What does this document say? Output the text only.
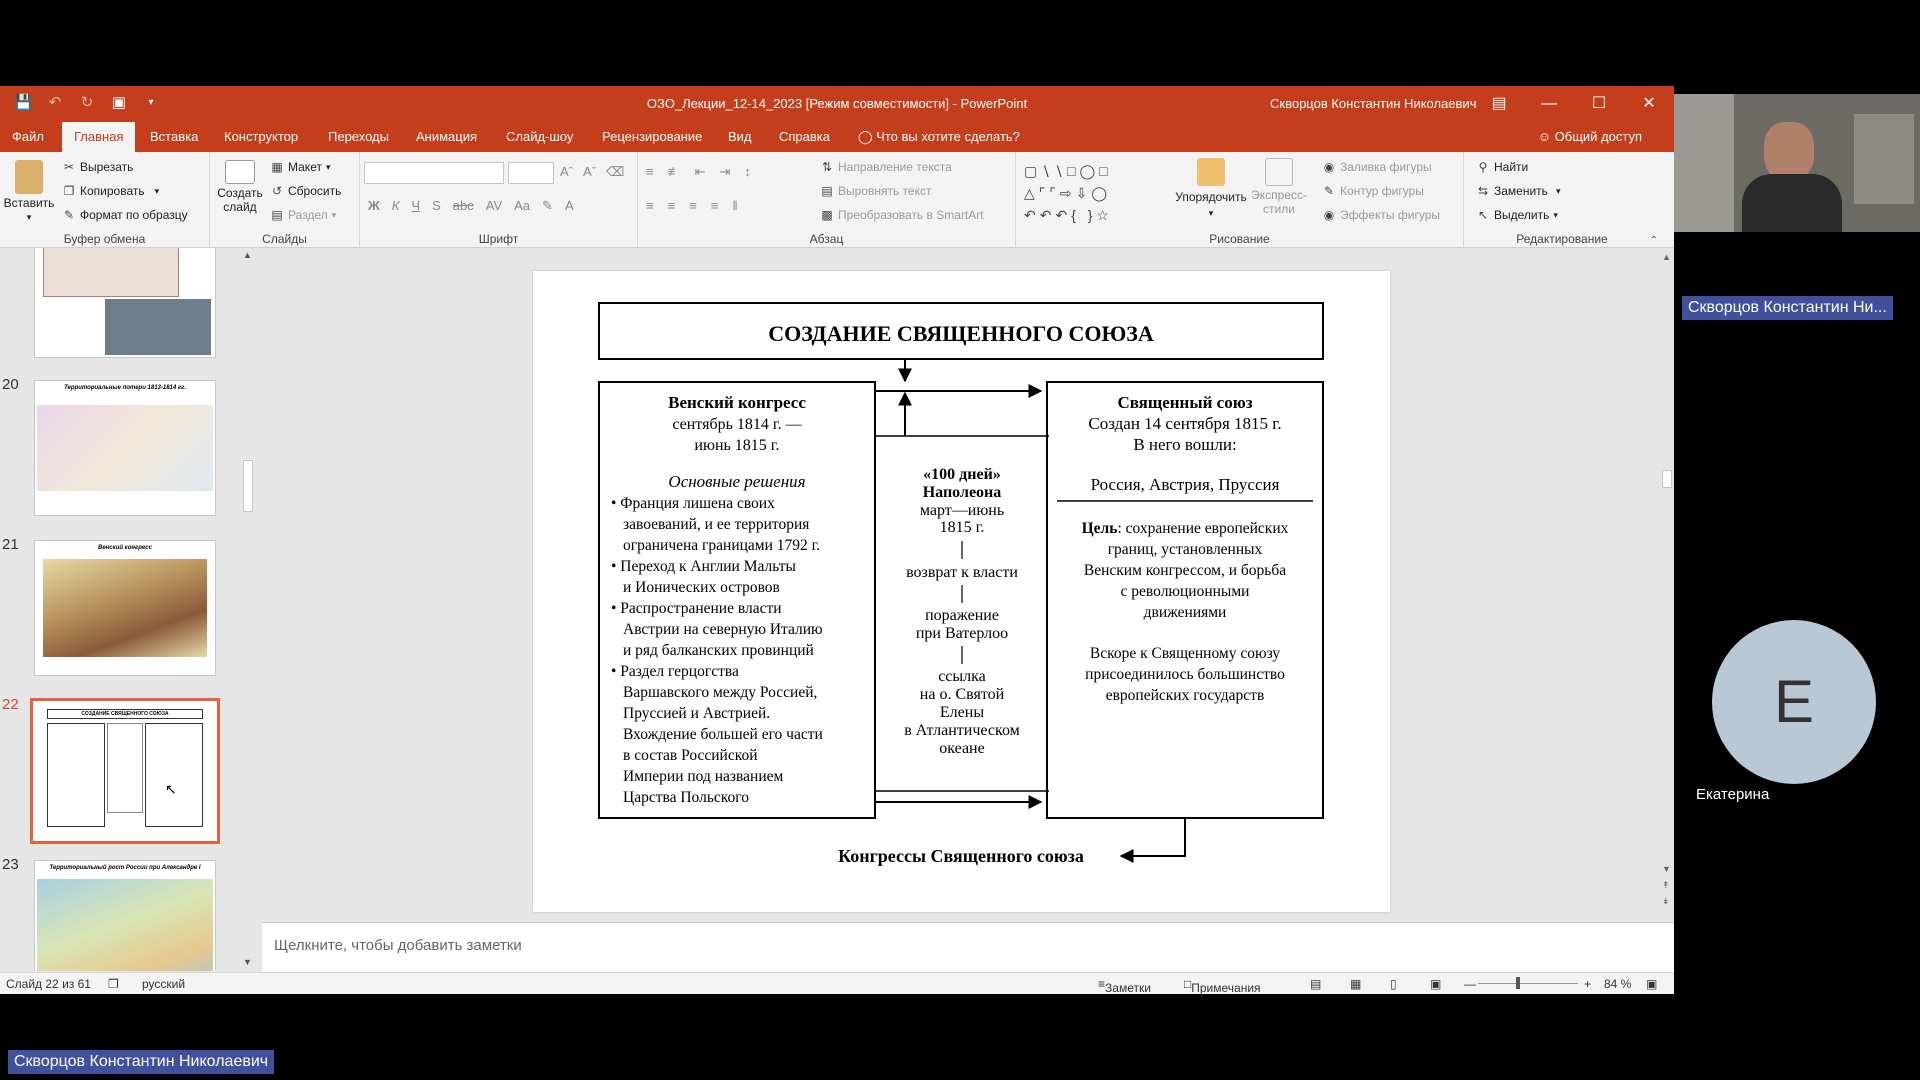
💾 ↶ ↻ ▣	▾	ОЗО_Лекции_12-14_2023 [Режим совместимости] - PowerPoint	Скворцов Константин Николаевич ▤	—	☐	✕
Файл	Главная	Вставка	Конструктор	Переходы	Анимация	Слайд-шоу	Рецензирование	Вид	Справка	◯ Что вы хотите сделать?	☺ Общий доступ
Вставить
▾
✂ Вырезать
❐ Копировать ▾
✎ Формат по образцу
Буфер обмена
Создать слайд
▦ Макет ▾
↺ Сбросить
▤ Раздел ▾
Слайды
Aˆ Aˇ ⌫
Ж К Ч S abc AV Aa ✎ A
Шрифт
≡ ≢ ⇤ ⇥ ↕
≡ ≡ ≡ ≡ ‖
⇅ Направление текста
▤ Выровнять текст
▩ Преобразовать в SmartArt
Абзац
▢∖∖□◯□
△⌜⌜⇨⇩◯
↶↶↶{ }☆
Упорядочить
▾
Экспресс-стили
◉ Заливка фигуры
✎ Контур фигуры
◉ Эффекты фигуры
Рисование
⚲ Найти
⇆ Заменить ▾
↖ Выделить ▾
Редактирование	⌃
20	Территориальные потери 1813-1814 гг.
21	Венский конгресс
22
СОЗДАНИЕ СВЯЩЕННОГО СОЮЗА
↖
23	Территориальный рост России при Александре I
▲
▼
СОЗДАНИЕ СВЯЩЕННОГО СОЮЗА
Венский конгресс
сентябрь 1814 г. —
июнь 1815 г.
Основные решения
• Франция лишена своих
завоеваний, и ее территория
ограничена границами 1792 г.
• Переход к Англии Мальты
и Ионических островов
• Распространение власти
Австрии на северную Италию
и ряд балканских провинций
• Раздел герцогства
Варшавского между Россией,
Пруссией и Австрией.
Вхождение большей его части
в состав Российской
Империи под названием
Царства Польского
«100 дней»
Наполеона
март—июнь
1815 г.
возврат к власти
поражение
при Ватерлоо
ссылка
на о. Святой
Елены
в Атлантическом
океане
Священный союз
Создан 14 сентября 1815 г.
В него вошли:
Россия, Австрия, Пруссия
Цель: сохранение европейских
границ, установленных
Венским конгрессом, и борьба
с революционными
движениями
Вскоре к Священному союзу
присоединилось большинство
европейских государств
Конгрессы Священного союза
▲
▼
↟
↡
Щелкните, чтобы добавить заметки
Слайд 22 из 61 ❐ русский	≡ Заметки	□ Примечания	▤ ▦ ▯	▣ —	+ 84 % ▣
Скворцов Константин Ни...
Е
Екатерина
Скворцов Константин Николаевич
